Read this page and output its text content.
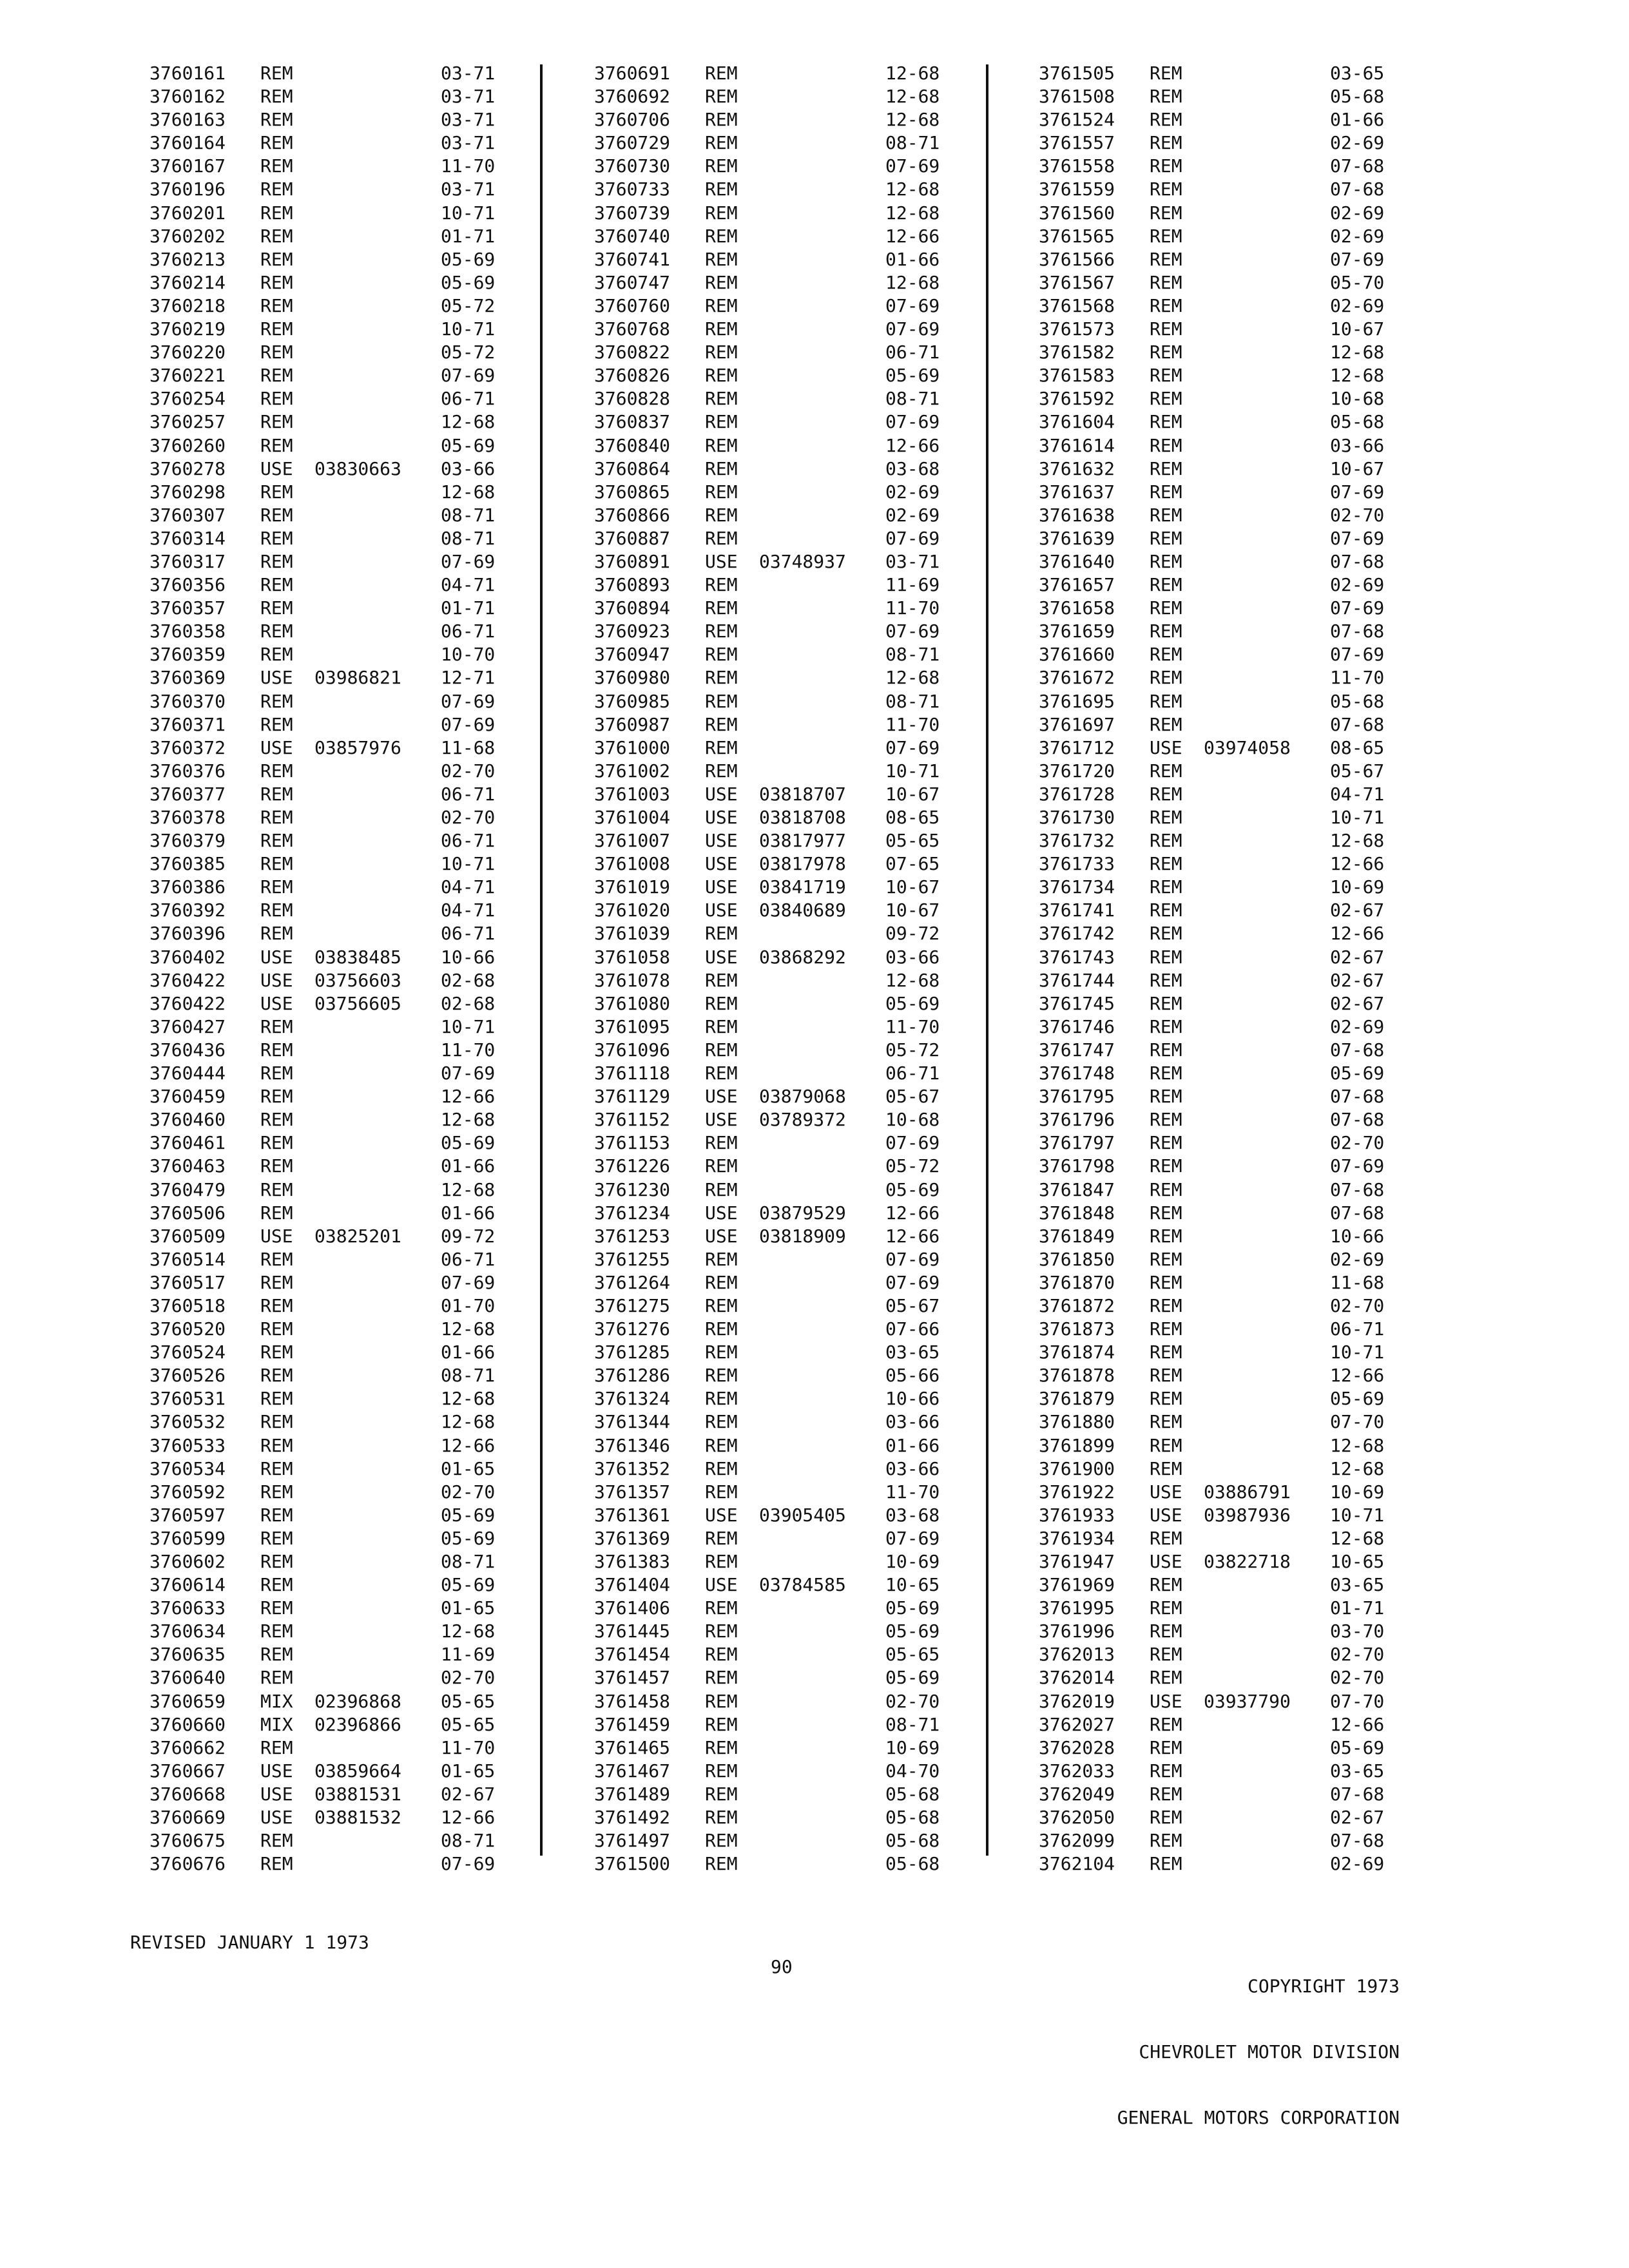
3760161 REM	03-71
3760162 REM	03-71
3760163 REM	03-71
3760164 REM	03-71
3760167 REM	11-70
3760196 REM	03-71
3760201 REM	10-71
3760202 REM	01-71
3760213 REM	05-69
3760214 REM	05-69
3760218 REM	05-72
3760219 REM	10-71
3760220 REM	05-72
3760221 REM	07-69
3760254 REM	06-71
3760257 REM	12-68
3760260 REM	05-69
3760278 USE 03830663 03-66
3760298 REM	12-68
3760307 REM	08-71
3760314 REM	08-71
3760317 REM	07-69
3760356 REM	04-71
3760357 REM	01-71
3760358 REM	06-71
3760359 REM	10-70
3760369 USE 03986821 12-71
3760370 REM	07-69
3760371 REM	07-69
3760372 USE 03857976 11-68
3760376 REM	02-70
3760377 REM	06-71
3760378 REM	02-70
3760379 REM	06-71
3760385 REM	10-71
3760386 REM	04-71
3760392 REM	04-71
3760396 REM	06-71
3760402 USE 03838485 10-66
3760422 USE 03756603 02-68
3760422 USE 03756605 02-68
3760427 REM	10-71
3760436 REM	11-70
3760444 REM	07-69
3760459 REM	12-66
3760460 REM	12-68
3760461 REM	05-69
3760463 REM	01-66
3760479 REM	12-68
3760506 REM	01-66
3760509 USE 03825201 09-72
3760514 REM	06-71
3760517 REM	07-69
3760518 REM	01-70
3760520 REM	12-68
3760524 REM	01-66
3760526 REM	08-71
3760531 REM	12-68
3760532 REM	12-68
3760533 REM	12-66
3760534 REM	01-65
3760592 REM	02-70
3760597 REM	05-69
3760599 REM	05-69
3760602 REM	08-71
3760614 REM	05-69
3760633 REM	01-65
3760634 REM	12-68
3760635 REM	11-69
3760640 REM	02-70
3760659 MIX 02396868 05-65
3760660 MIX 02396866 05-65
3760662 REM	11-70
3760667 USE 03859664 01-65
3760668 USE 03881531 02-67
3760669 USE 03881532 12-66
3760675 REM	08-71
3760676 REM	07-69
3760691 REM	12-68
3760692 REM	12-68
3760706 REM	12-68
3760729 REM	08-71
3760730 REM	07-69
3760733 REM	12-68
3760739 REM	12-68
3760740 REM	12-66
3760741 REM	01-66
3760747 REM	12-68
3760760 REM	07-69
3760768 REM	07-69
3760822 REM	06-71
3760826 REM	05-69
3760828 REM	08-71
3760837 REM	07-69
3760840 REM	12-66
3760864 REM	03-68
3760865 REM	02-69
3760866 REM	02-69
3760887 REM	07-69
3760891 USE 03748937 03-71
3760893 REM	11-69
3760894 REM	11-70
3760923 REM	07-69
3760947 REM	08-71
3760980 REM	12-68
3760985 REM	08-71
3760987 REM	11-70
3761000 REM	07-69
3761002 REM	10-71
3761003 USE 03818707 10-67
3761004 USE 03818708 08-65
3761007 USE 03817977 05-65
3761008 USE 03817978 07-65
3761019 USE 03841719 10-67
3761020 USE 03840689 10-67
3761039 REM	09-72
3761058 USE 03868292 03-66
3761078 REM	12-68
3761080 REM	05-69
3761095 REM	11-70
3761096 REM	05-72
3761118 REM	06-71
3761129 USE 03879068 05-67
3761152 USE 03789372 10-68
3761153 REM	07-69
3761226 REM	05-72
3761230 REM	05-69
3761234 USE 03879529 12-66
3761253 USE 03818909 12-66
3761255 REM	07-69
3761264 REM	07-69
3761275 REM	05-67
3761276 REM	07-66
3761285 REM	03-65
3761286 REM	05-66
3761324 REM	10-66
3761344 REM	03-66
3761346 REM	01-66
3761352 REM	03-66
3761357 REM	11-70
3761361 USE 03905405 03-68
3761369 REM	07-69
3761383 REM	10-69
3761404 USE 03784585 10-65
3761406 REM	05-69
3761445 REM	05-69
3761454 REM	05-65
3761457 REM	05-69
3761458 REM	02-70
3761459 REM	08-71
3761465 REM	10-69
3761467 REM	04-70
3761489 REM	05-68
3761492 REM	05-68
3761497 REM	05-68
3761500 REM	05-68
3761505 REM	03-65
3761508 REM	05-68
3761524 REM	01-66
3761557 REM	02-69
3761558 REM	07-68
3761559 REM	07-68
3761560 REM	02-69
3761565 REM	02-69
3761566 REM	07-69
3761567 REM	05-70
3761568 REM	02-69
3761573 REM	10-67
3761582 REM	12-68
3761583 REM	12-68
3761592 REM	10-68
3761604 REM	05-68
3761614 REM	03-66
3761632 REM	10-67
3761637 REM	07-69
3761638 REM	02-70
3761639 REM	07-69
3761640 REM	07-68
3761657 REM	02-69
3761658 REM	07-69
3761659 REM	07-68
3761660 REM	07-69
3761672 REM	11-70
3761695 REM	05-68
3761697 REM	07-68
3761712 USE 03974058 08-65
3761720 REM	05-67
3761728 REM	04-71
3761730 REM	10-71
3761732 REM	12-68
3761733 REM	12-66
3761734 REM	10-69
3761741 REM	02-67
3761742 REM	12-66
3761743 REM	02-67
3761744 REM	02-67
3761745 REM	02-67
3761746 REM	02-69
3761747 REM	07-68
3761748 REM	05-69
3761795 REM	07-68
3761796 REM	07-68
3761797 REM	02-70
3761798 REM	07-69
3761847 REM	07-68
3761848 REM	07-68
3761849 REM	10-66
3761850 REM	02-69
3761870 REM	11-68
3761872 REM	02-70
3761873 REM	06-71
3761874 REM	10-71
3761878 REM	12-66
3761879 REM	05-69
3761880 REM	07-70
3761899 REM	12-68
3761900 REM	12-68
3761922 USE 03886791 10-69
3761933 USE 03987936 10-71
3761934 REM	12-68
3761947 USE 03822718 10-65
3761969 REM	03-65
3761995 REM	01-71
3761996 REM	03-70
3762013 REM	02-70
3762014 REM	02-70
3762019 USE 03937790 07-70
3762027 REM	12-66
3762028 REM	05-69
3762033 REM	03-65
3762049 REM	07-68
3762050 REM	02-67
3762099 REM	07-68
3762104 REM	02-69
REVISED JANUARY 1 1973
90

COPYRIGHT 1973

CHEVROLET MOTOR DIVISION

GENERAL MOTORS CORPORATION
